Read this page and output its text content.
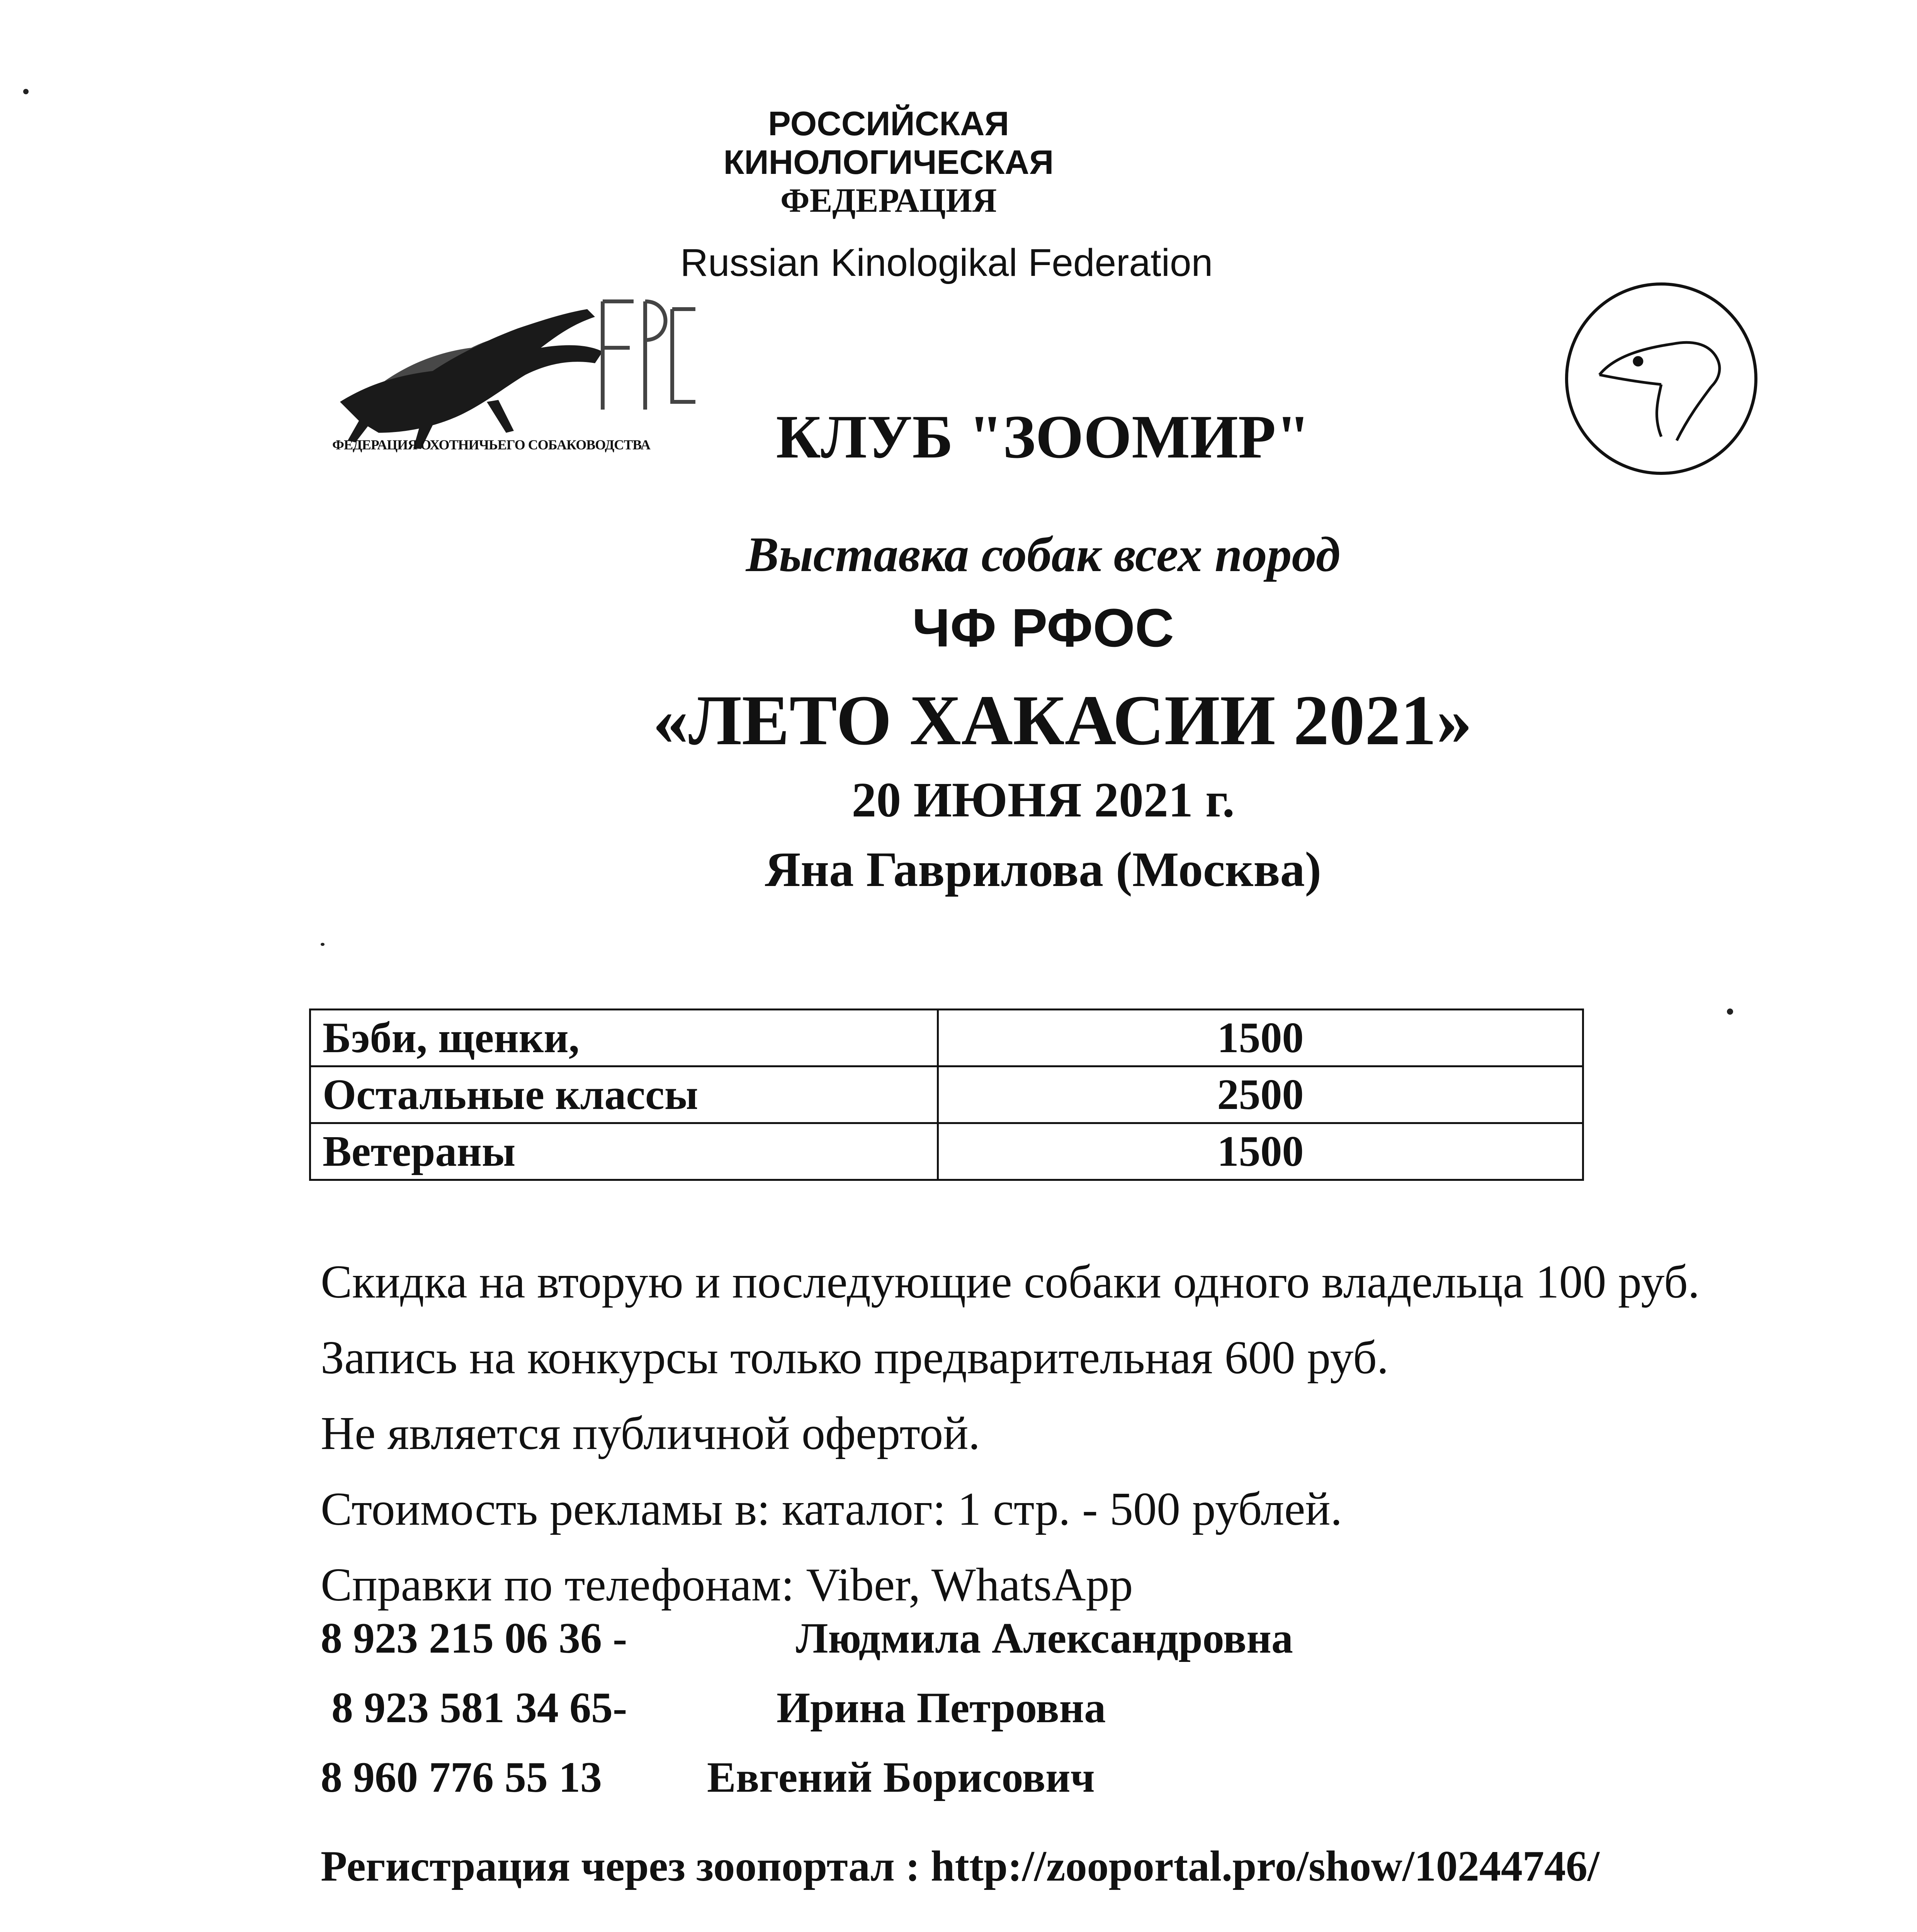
РОССИЙСКАЯ
КИНОЛОГИЧЕСКАЯ
ФЕДЕРАЦИЯ
Russian Kinologikal Federation
ФЕДЕРАЦИЯ ОХОТНИЧЬЕГО СОБАКОВОДСТВА	КЛУБ "ЗООМИР"
Выставка собак всех пород
ЧФ РФОС
«ЛЕТО ХАКАСИИ 2021»
20 ИЮНЯ 2021 г.
Яна Гаврилова (Москва)
Бэби, щенки,	1500
Остальные классы	2500
Ветераны	1500
Скидка на вторую и последующие собаки одного владельца 100 руб.
Запись на конкурсы только предварительная 600 руб.
Не является публичной офертой.
Стоимость рекламы в: каталог: 1 стр. - 500 рублей.
Справки по телефонам: Viber, WhatsApp
8 923 215 06 36 -	Людмила Александровна
8 923 581 34 65-	Ирина Петровна
8 960 776 55 13 Евгений Борисович
Регистрация через зоопортал : http://zooportal.pro/show/10244746/
